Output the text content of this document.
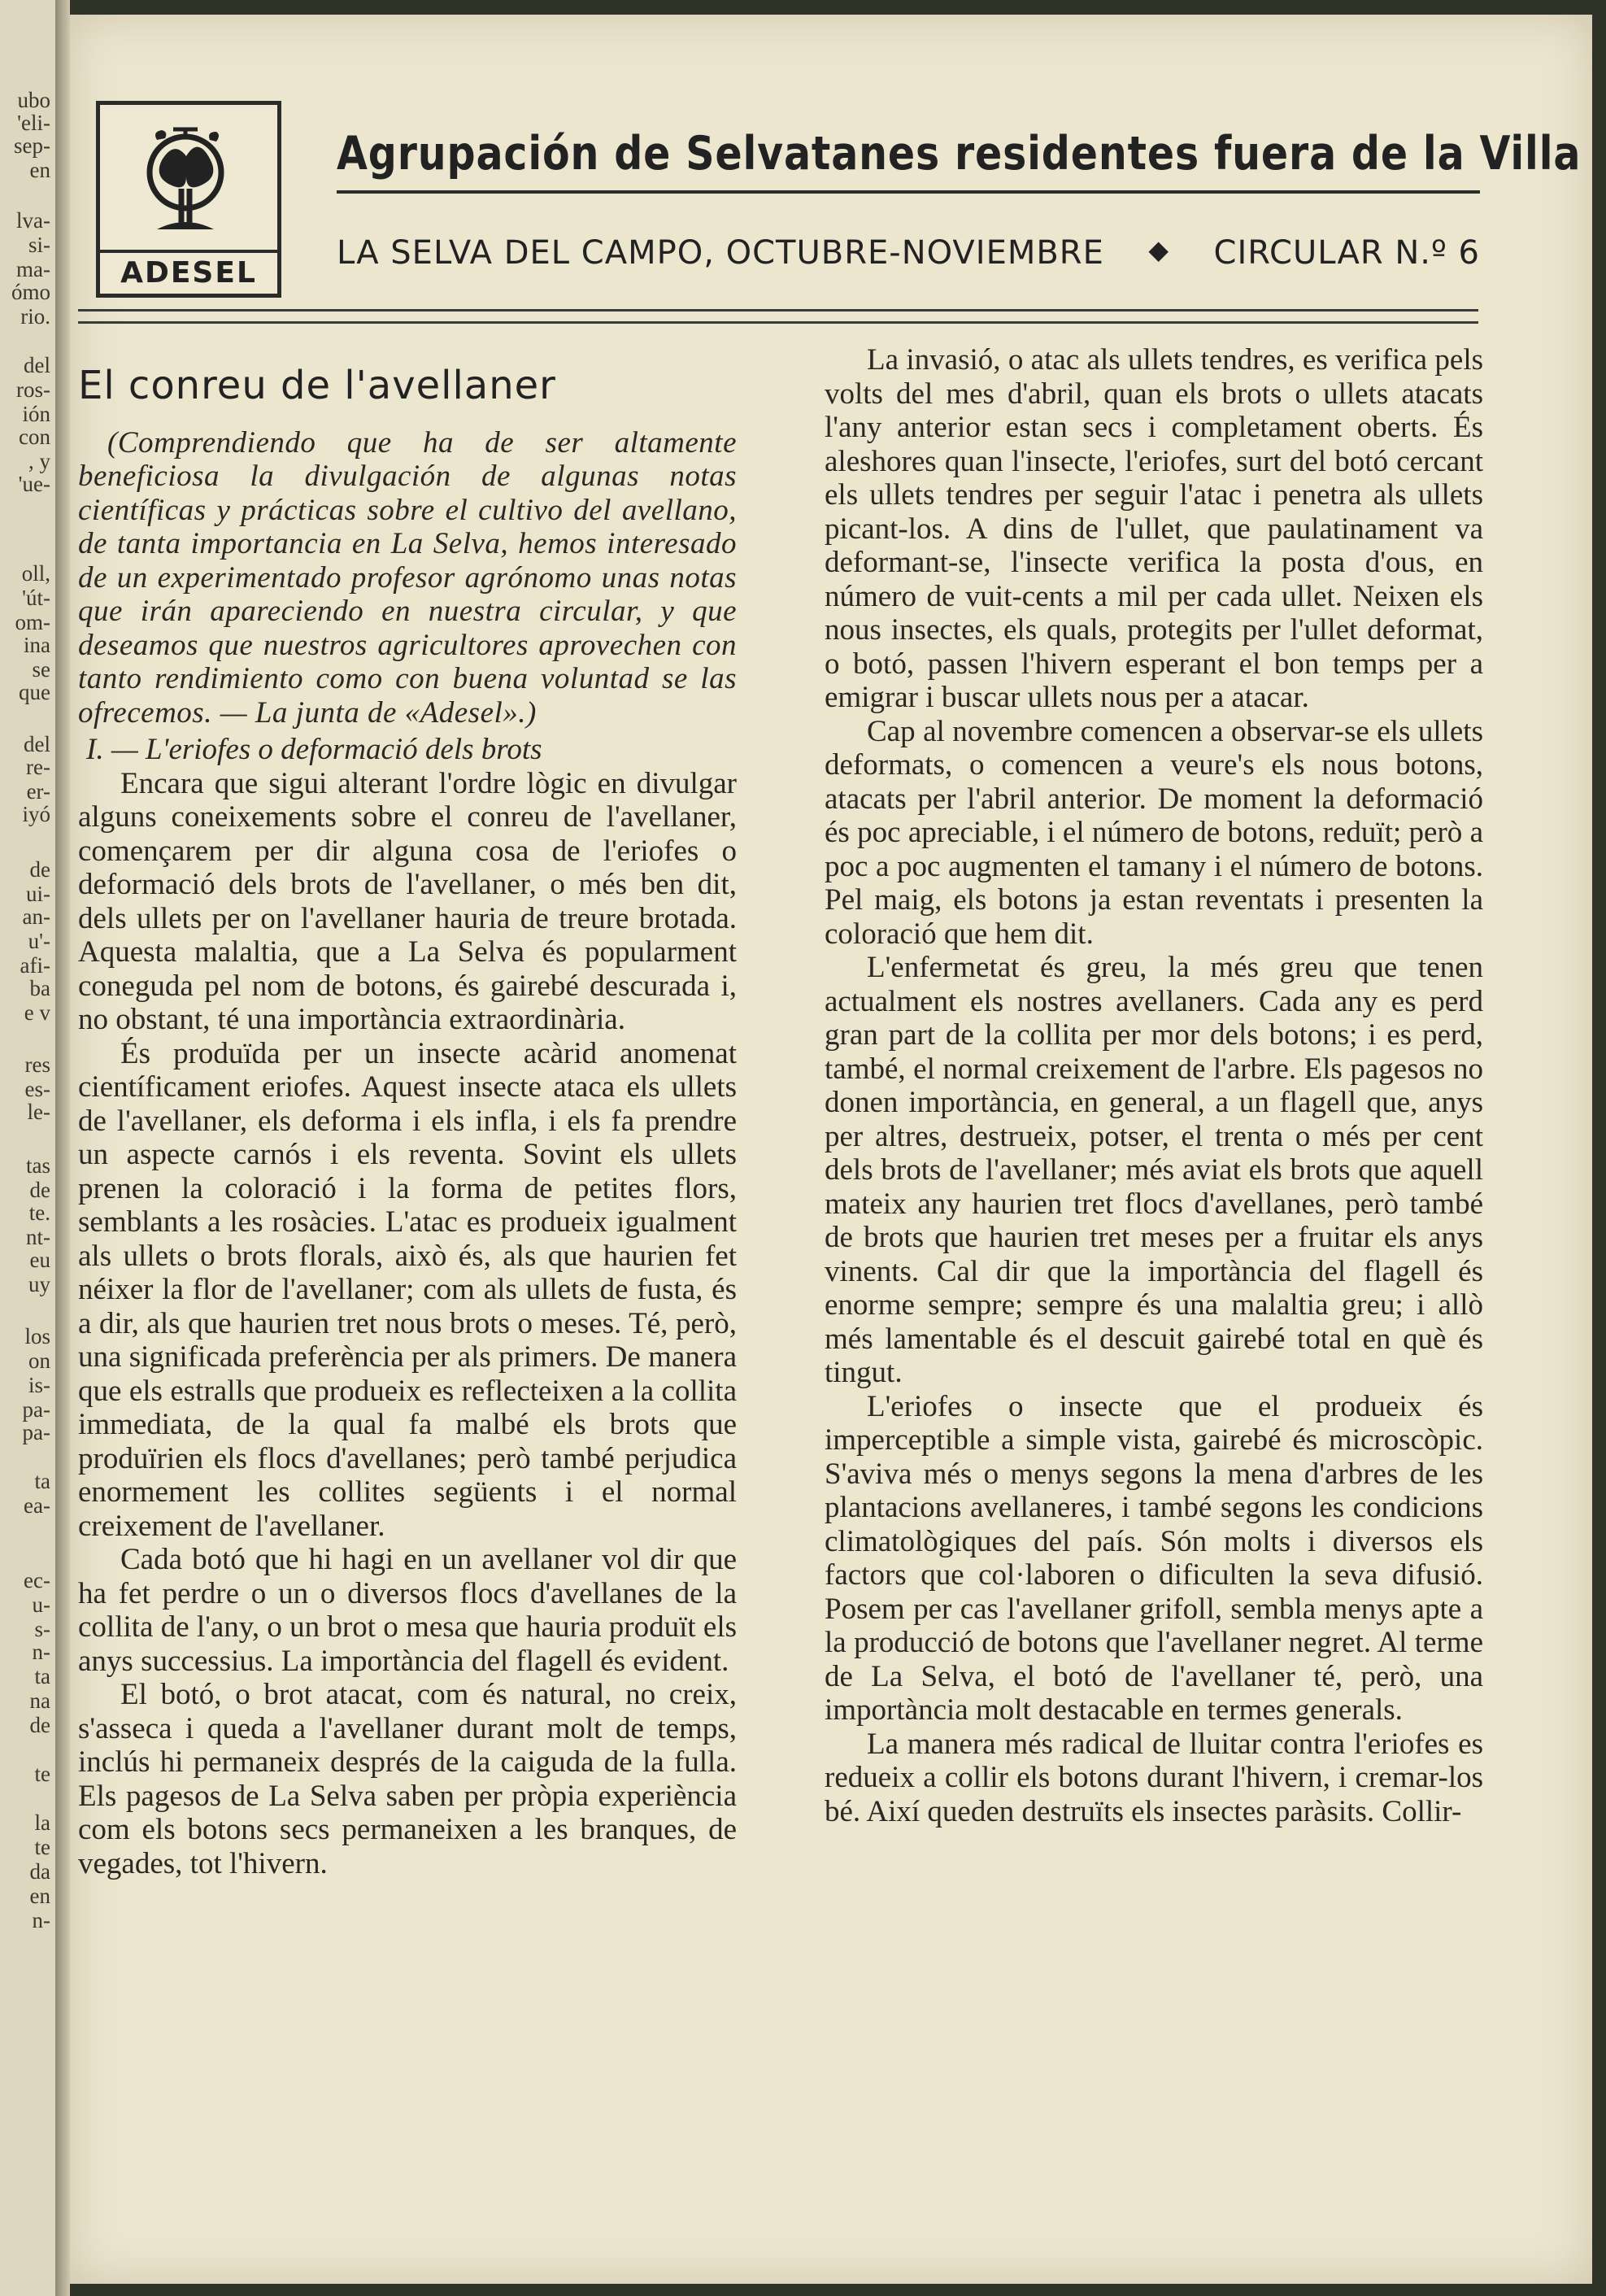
ubo
'eli-
sep-
en
lva-
si-
ma-
ómo
rio.
del
ros-
ión
con
, y
'ue-
oll,
'út-
om-
ina
se
que
del
re-
er-
iyó
de
ui-
an-
u'-
afi-
ba
e v
res
es-
le-
tas
de
te.
nt-
eu
uy
los
on
is-
pa-
pa-
ta
ea-
ec-
u-
s-
n-
ta
na
de
te
la
te
da
en
n-
ADESEL
Agrupación de Selvatanes residentes fuera de la Villa
LA SELVA DEL CAMPO, OCTUBRE-NOVIEMBRE ◆ CIRCULAR N.º 6
El conreu de l'avellaner

(Comprendiendo que ha de ser altamente beneficiosa la divulgación de algunas notas científicas y prácticas sobre el cultivo del avellano, de tanta importancia en La Selva, hemos interesado de un experimentado profesor agrónomo unas notas que irán apareciendo en nuestra circular, y que deseamos que nuestros agricultores aprovechen con tanto rendimiento como con buena voluntad se las ofrecemos. — La junta de «Adesel».)

I. — L'eriofes o deformació dels brots

Encara que sigui alterant l'ordre lògic en divulgar alguns coneixements sobre el conreu de l'avellaner, començarem per dir alguna cosa de l'eriofes o deformació dels brots de l'avellaner, o més ben dit, dels ullets per on l'avellaner hauria de treure brotada. Aquesta malaltia, que a La Selva és popularment coneguda pel nom de botons, és gairebé descurada i, no obstant, té una importància extraordinària.

És produïda per un insecte acàrid anomenat científicament eriofes. Aquest insecte ataca els ullets de l'avellaner, els deforma i els infla, i els fa prendre un aspecte carnós i els reventa. Sovint els ullets prenen la coloració i la forma de petites flors, semblants a les rosàcies. L'atac es produeix igualment als ullets o brots florals, això és, als que haurien fet néixer la flor de l'avellaner; com als ullets de fusta, és a dir, als que haurien tret nous brots o meses. Té, però, una significada preferència per als primers. De manera que els estralls que produeix es reflecteixen a la collita immediata, de la qual fa malbé els brots que produïrien els flocs d'avellanes; però també perjudica enormement les collites següents i el normal creixement de l'avellaner.

Cada botó que hi hagi en un avellaner vol dir que ha fet perdre o un o diversos flocs d'avellanes de la collita de l'any, o un brot o mesa que hauria produït els anys successius. La importància del flagell és evident.

El botó, o brot atacat, com és natural, no creix, s'asseca i queda a l'avellaner durant molt de temps, inclús hi permaneix després de la caiguda de la fulla. Els pagesos de La Selva saben per pròpia experiència com els botons secs permaneixen a les branques, de vegades, tot l'hivern.

La invasió, o atac als ullets tendres, es verifica pels volts del mes d'abril, quan els brots o ullets atacats l'any anterior estan secs i completament oberts. És aleshores quan l'insecte, l'eriofes, surt del botó cercant els ullets tendres per seguir l'atac i penetra als ullets picant-los. A dins de l'ullet, que paulatinament va deformant-se, l'insecte verifica la posta d'ous, en número de vuit-cents a mil per cada ullet. Neixen els nous insectes, els quals, protegits per l'ullet deformat, o botó, passen l'hivern esperant el bon temps per a emigrar i buscar ullets nous per a atacar.

Cap al novembre comencen a observar-se els ullets deformats, o comencen a veure's els nous botons, atacats per l'abril anterior. De moment la deformació és poc apreciable, i el número de botons, reduït; però a poc a poc augmenten el tamany i el número de botons. Pel maig, els botons ja estan reventats i presenten la coloració que hem dit.

L'enfermetat és greu, la més greu que tenen actualment els nostres avellaners. Cada any es perd gran part de la collita per mor dels botons; i es perd, també, el normal creixement de l'arbre. Els pagesos no donen importància, en general, a un flagell que, anys per altres, destrueix, potser, el trenta o més per cent dels brots de l'avellaner; més aviat els brots que aquell mateix any haurien tret flocs d'avellanes, però també de brots que haurien tret meses per a fruitar els anys vinents. Cal dir que la importància del flagell és enorme sempre; sempre és una malaltia greu; i allò més lamentable és el descuit gairebé total en què és tingut.

L'eriofes o insecte que el produeix és imperceptible a simple vista, gairebé és microscòpic. S'aviva més o menys segons la mena d'arbres de les plantacions avellaneres, i també segons les condicions climatològiques del país. Són molts i diversos els factors que col·laboren o dificulten la seva difusió. Posem per cas l'avellaner grifoll, sembla menys apte a la producció de botons que l'avellaner negret. Al terme de La Selva, el botó de l'avellaner té, però, una importància molt destacable en termes generals.

La manera més radical de lluitar contra l'eriofes es redueix a collir els botons durant l'hivern, i cremar-los bé. Així queden destruïts els insectes paràsits. Collir-
